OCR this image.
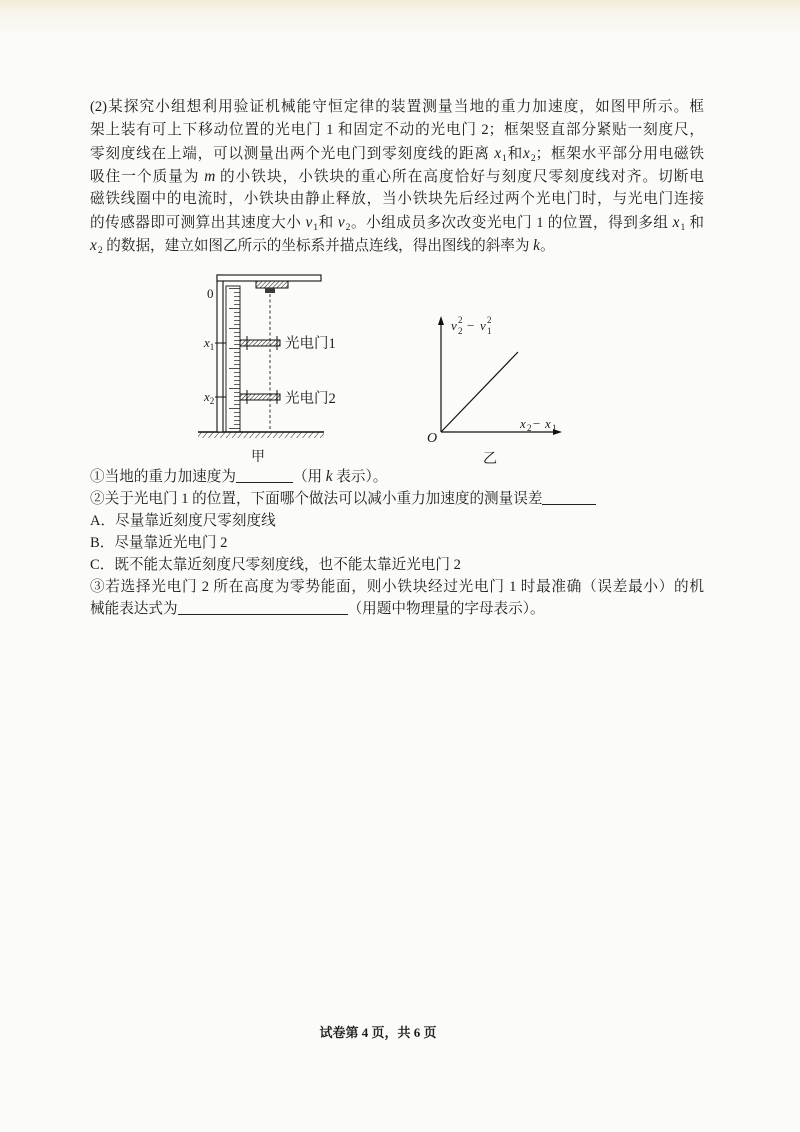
(2)某探究小组想利用验证机械能守恒定律的装置测量当地的重力加速度，如图甲所示。框
架上装有可上下移动位置的光电门 1 和固定不动的光电门 2；框架竖直部分紧贴一刻度尺，
零刻度线在上端，可以测量出两个光电门到零刻度线的距离 $x_1$和$x_2$；框架水平部分用电磁铁
吸住一个质量为 m 的小铁块，小铁块的重心所在高度恰好与刻度尺零刻度线对齐。切断电
磁铁线圈中的电流时，小铁块由静止释放，当小铁块先后经过两个光电门时，与光电门连接
的传感器即可测算出其速度大小 $v_1$和 $v_2$。小组成员多次改变光电门 1 的位置，得到多组 $x_1$ 和
$x_2$ 的数据，建立如图乙所示的坐标系并描点连线，得出图线的斜率为 k。
0
$x_1$
$x_2$
光电门1
光电门2
甲
O
v 2
2 − v 2
1
x 2 − x 1
乙
①当地的重力加速度为	（用 k 表示）。
②关于光电门 1 的位置，下面哪个做法可以减小重力加速度的测量误差
A．尽量靠近刻度尺零刻度线
B．尽量靠近光电门 2
C．既不能太靠近刻度尺零刻度线，也不能太靠近光电门 2
③若选择光电门 2 所在高度为零势能面，则小铁块经过光电门 1 时最准确（误差最小）的机
械能表达式为	（用题中物理量的字母表示）。
试卷第 4 页，共 6 页
